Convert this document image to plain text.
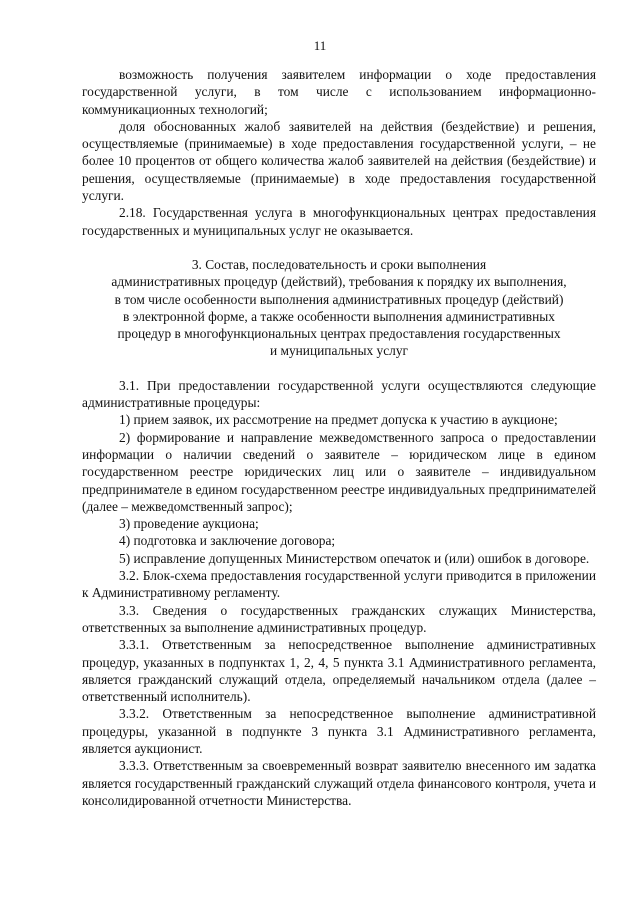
11

возможность получения заявителем информации о ходе предоставления государственной услуги, в том числе с использованием информационно-коммуникационных технологий;

доля обоснованных жалоб заявителей на действия (бездействие) и решения, осуществляемые (принимаемые) в ходе предоставления государственной услуги, – не более 10 процентов от общего количества жалоб заявителей на действия (бездействие) и решения, осуществляемые (принимаемые) в ходе предоставления государственной услуги.

2.18. Государственная услуга в многофункциональных центрах предоставления государственных и муниципальных услуг не оказывается.

3. Состав, последовательность и сроки выполнения
административных процедур (действий), требования к порядку их выполнения,
в том числе особенности выполнения административных процедур (действий)
в электронной форме, а также особенности выполнения административных
процедур в многофункциональных центрах предоставления государственных
и муниципальных услуг

3.1. При предоставлении государственной услуги осуществляются следующие административные процедуры:

1) прием заявок, их рассмотрение на предмет допуска к участию в аукционе;

2) формирование и направление межведомственного запроса о предоставлении информации о наличии сведений о заявителе – юридическом лице в едином государственном реестре юридических лиц или о заявителе – индивидуальном предпринимателе в едином государственном реестре индивидуальных предпринимателей (далее – межведомственный запрос);

3) проведение аукциона;

4) подготовка и заключение договора;

5) исправление допущенных Министерством опечаток и (или) ошибок в договоре.

3.2. Блок-схема предоставления государственной услуги приводится в приложении к Административному регламенту.

3.3. Сведения о государственных гражданских служащих Министерства, ответственных за выполнение административных процедур.

3.3.1. Ответственным за непосредственное выполнение административных процедур, указанных в подпунктах 1, 2, 4, 5 пункта 3.1 Административного регламента, является гражданский служащий отдела, определяемый начальником отдела (далее – ответственный исполнитель).

3.3.2. Ответственным за непосредственное выполнение административной процедуры, указанной в подпункте 3 пункта 3.1 Административного регламента, является аукционист.

3.3.3. Ответственным за своевременный возврат заявителю внесенного им задатка является государственный гражданский служащий отдела финансового контроля, учета и консолидированной отчетности Министерства.
